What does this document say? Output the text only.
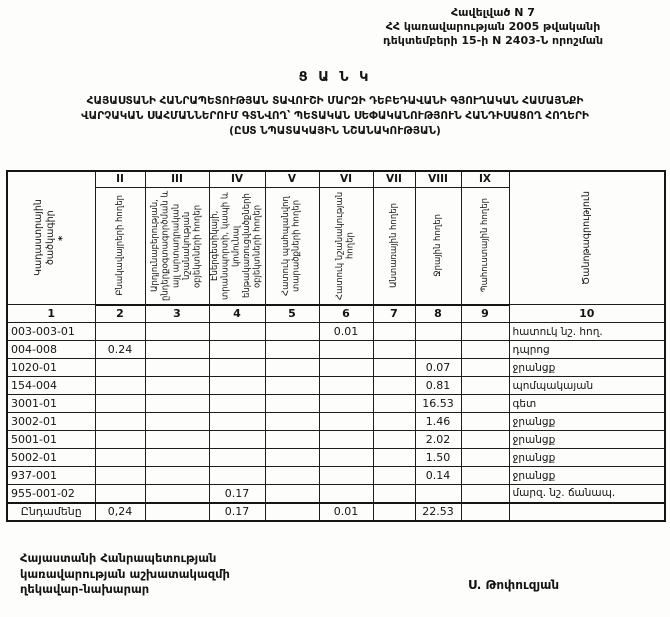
Հավելված N 7
ՀՀ կառավարության 2005 թվականի
դեկտեմբերի 15-ի N 2403-Ն որոշման
Ց Ա Ն Կ
ՀԱՅԱՍՏԱՆԻ ՀԱՆՐԱՊԵՏՈՒԹՅԱՆ ՏԱՎՈՒՇԻ ՄԱՐԶԻ ԴԵԲԵԴԱՎԱՆԻ ԳՅՈՒՂԱԿԱՆ ՀԱՄԱՅՆՔԻ
ՎԱՐՉԱԿԱՆ ՍԱՀՄԱՆՆԵՐՈՒՄ ԳՏՆՎՈՂ՝ ՊԵՏԱԿԱՆ ՍԵՓԱԿԱՆՈՒԹՅՈՒՆ ՀԱՆԴԻՍԱՑՈՂ ՀՈՂԵՐԻ
(ԸՍՏ ՆՊԱՏԱԿԱՅԻՆ ՆՇԱՆԱԿՈՒԹՅԱՆ)
Կադաստրային ծածկագիր *	II	III	IV	V	VI	VII	VIII	IX	Ծանոթագրություն

	Բնակավայրերի հողեր	Արդյունաբերության, ընդերքօգտագործման և այլ արտադրական նշանակության օբյեկտների հողեր	Էներգետիկայի, տրանսպորտի, կապի և կոմունալ ենթակառուցվածքների օբյեկտների հողեր	Հատուկ պահպանվող տարածքների հողեր	Հատուկ նշանակության հողեր	Անտառային հողեր	Ջրային հողեր	Պահուստային հողեր	

1	2	3	4	5	6	7	8	9	10
003-003-01					0.01				հատուկ նշ. հող.
004-008	0.24								դպրոց
1020-01							0.07		ջրանցք
154-004							0.81		պոմպակայան
3001-01							16.53		գետ
3002-01							1.46		ջրանցք
5001-01							2.02		ջրանցք
5002-01							1.50		ջրանցք
937-001							0.14		ջրանցք
955-001-02			0.17						մարզ. նշ. ճանապ.
Ընդամենը	0,24		0.17		0.01		22.53		
Հայաստանի Հանրապետության
կառավարության աշխատակազմի
ղեկավար-նախարար	Ս. Թոփուզյան
